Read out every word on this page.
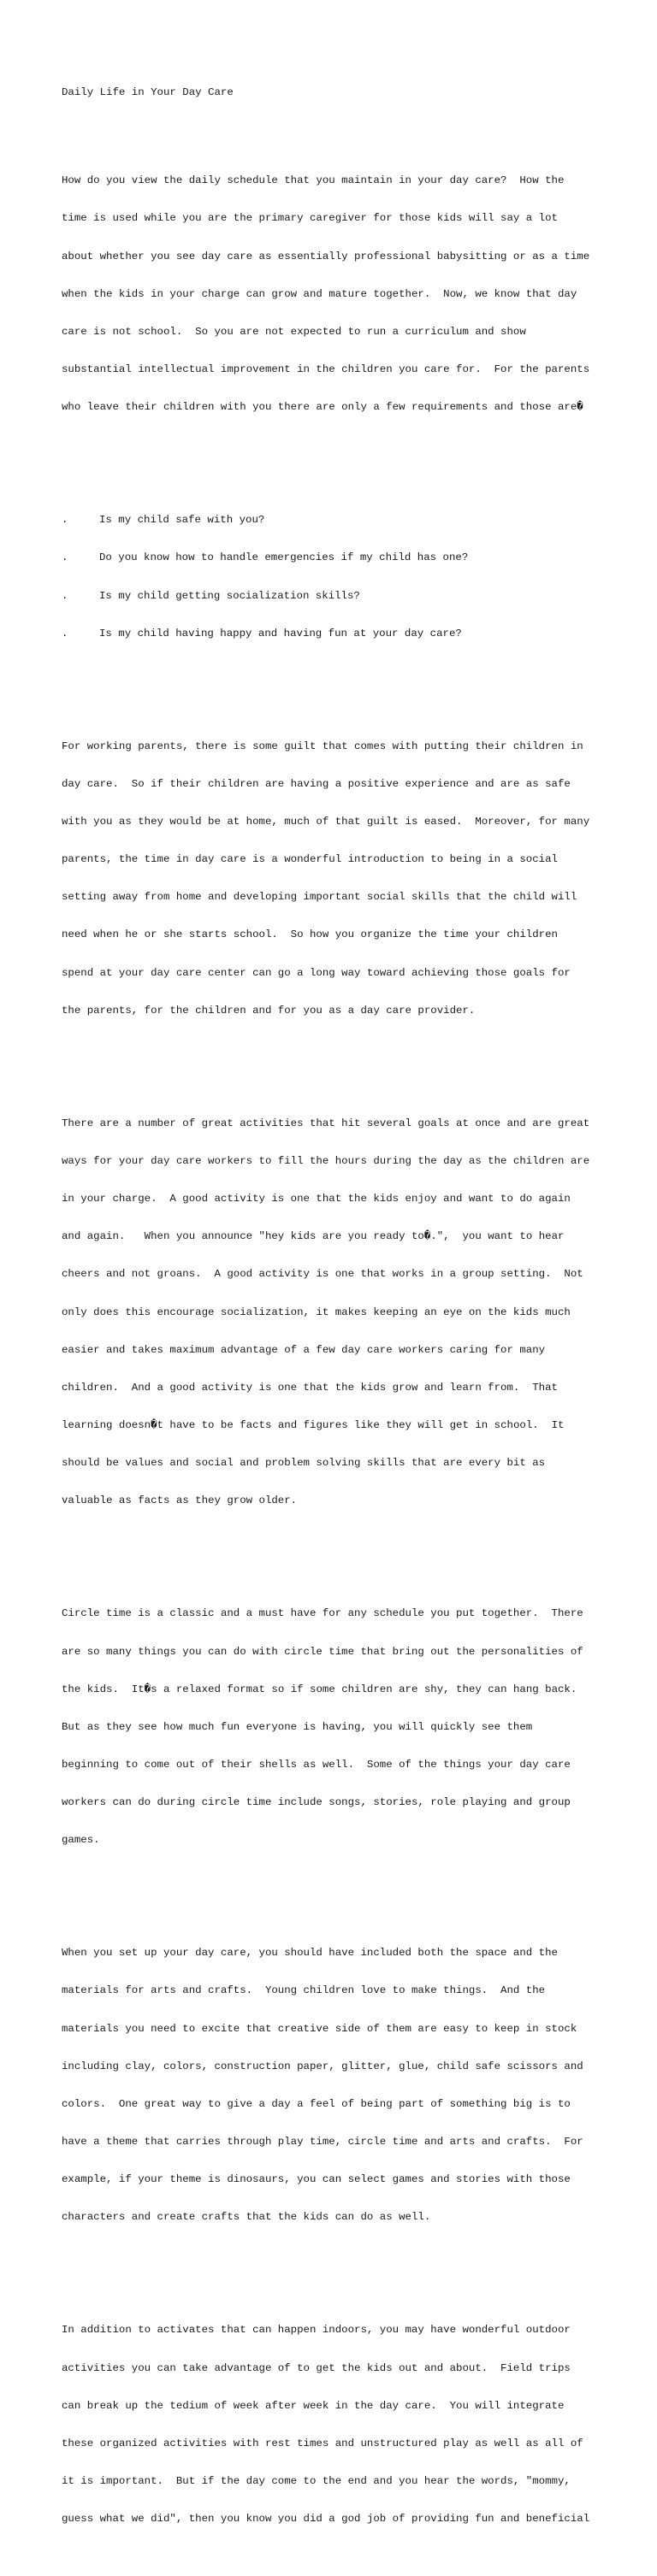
Daily Life in Your Day Care

How do you view the daily schedule that you maintain in your day care?  How the

time is used while you are the primary caregiver for those kids will say a lot

about whether you see day care as essentially professional babysitting or as a time

when the kids in your charge can grow and mature together.  Now, we know that day

care is not school.  So you are not expected to run a curriculum and show

substantial intellectual improvement in the children you care for.  For the parents

who leave their children with you there are only a few requirements and those are�

.	Is my child safe with you?

.	Do you know how to handle emergencies if my child has one?

.	Is my child getting socialization skills?

.	Is my child having happy and having fun at your day care?

For working parents, there is some guilt that comes with putting their children in

day care.  So if their children are having a positive experience and are as safe

with you as they would be at home, much of that guilt is eased.  Moreover, for many

parents, the time in day care is a wonderful introduction to being in a social

setting away from home and developing important social skills that the child will

need when he or she starts school.  So how you organize the time your children

spend at your day care center can go a long way toward achieving those goals for

the parents, for the children and for you as a day care provider.

There are a number of great activities that hit several goals at once and are great

ways for your day care workers to fill the hours during the day as the children are

in your charge.  A good activity is one that the kids enjoy and want to do again

and again.   When you announce "hey kids are you ready to�.",  you want to hear

cheers and not groans.  A good activity is one that works in a group setting.  Not

only does this encourage socialization, it makes keeping an eye on the kids much

easier and takes maximum advantage of a few day care workers caring for many

children.  And a good activity is one that the kids grow and learn from.  That

learning doesn�t have to be facts and figures like they will get in school.  It

should be values and social and problem solving skills that are every bit as

valuable as facts as they grow older.

Circle time is a classic and a must have for any schedule you put together.  There

are so many things you can do with circle time that bring out the personalities of

the kids.  It�s a relaxed format so if some children are shy, they can hang back.

But as they see how much fun everyone is having, you will quickly see them

beginning to come out of their shells as well.  Some of the things your day care

workers can do during circle time include songs, stories, role playing and group

games.

When you set up your day care, you should have included both the space and the

materials for arts and crafts.  Young children love to make things.  And the

materials you need to excite that creative side of them are easy to keep in stock

including clay, colors, construction paper, glitter, glue, child safe scissors and

colors.  One great way to give a day a feel of being part of something big is to

have a theme that carries through play time, circle time and arts and crafts.  For

example, if your theme is dinosaurs, you can select games and stories with those

characters and create crafts that the kids can do as well.

In addition to activates that can happen indoors, you may have wonderful outdoor

activities you can take advantage of to get the kids out and about.  Field trips

can break up the tedium of week after week in the day care.  You will integrate

these organized activities with rest times and unstructured play as well as all of

it is important.  But if the day come to the end and you hear the words, "mommy,

guess what we did", then you know you did a god job of providing fun and beneficial
